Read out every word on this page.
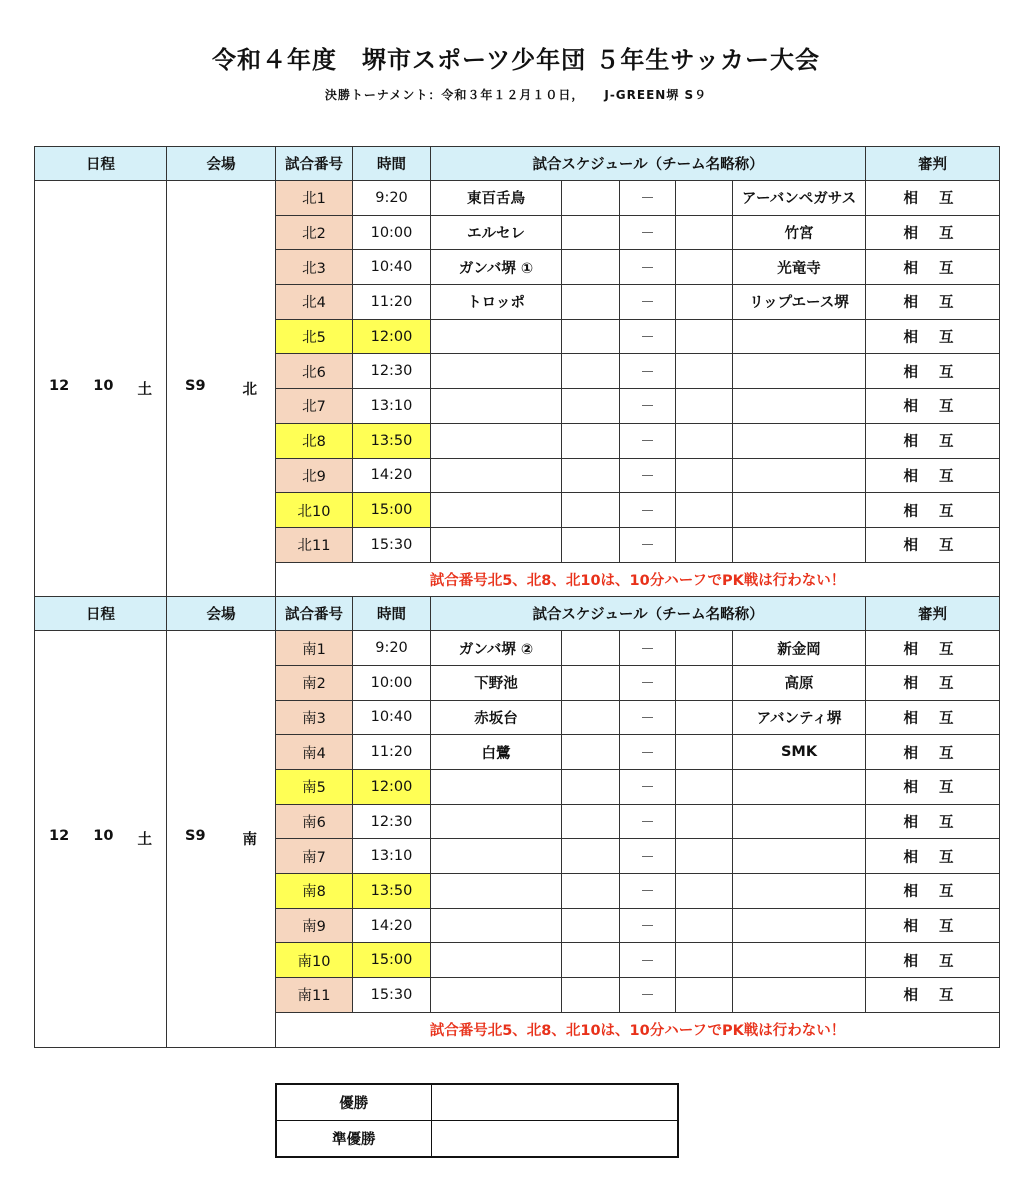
令和４年度　堺市スポーツ少年団 ５年生サッカー大会
決勝トーナメント：令和３年１２月１０日，　　J-GREEN堺 S９
日程	会場	試合番号	時間	試合スケジュール（チーム名略称）					審判

12 10 土	S9 北	北1	9:20	東百舌鳥		－		アーバンペガサス	相 互
		北2	10:00	エルセレ		－		竹宮	相 互
		北3	10:40	ガンバ堺 ①		－		光竜寺	相 互
		北4	11:20	トロッポ		－		リップエース堺	相 互
		北5	12:00			－			相 互
		北6	12:30			－			相 互
		北7	13:10			－			相 互
		北8	13:50			－			相 互
		北9	14:20			－			相 互
		北10	15:00			－			相 互
		北11	15:30			－			相 互
		試合番号北5、北8、北10は、10分ハーフでPK戦は行わない！							
日程	会場	試合番号	時間	試合スケジュール（チーム名略称）					審判

12 10 土	S9 南	南1	9:20	ガンバ堺 ②		－		新金岡	相 互
		南2	10:00	下野池		－		高原	相 互
		南3	10:40	赤坂台		－		アバンティ堺	相 互
		南4	11:20	白鷺		－		SMK	相 互
		南5	12:00			－			相 互
		南6	12:30			－			相 互
		南7	13:10			－			相 互
		南8	13:50			－			相 互
		南9	14:20			－			相 互
		南10	15:00			－			相 互
		南11	15:30			－			相 互
		試合番号北5、北8、北10は、10分ハーフでPK戦は行わない！							
優勝	
準優勝	
